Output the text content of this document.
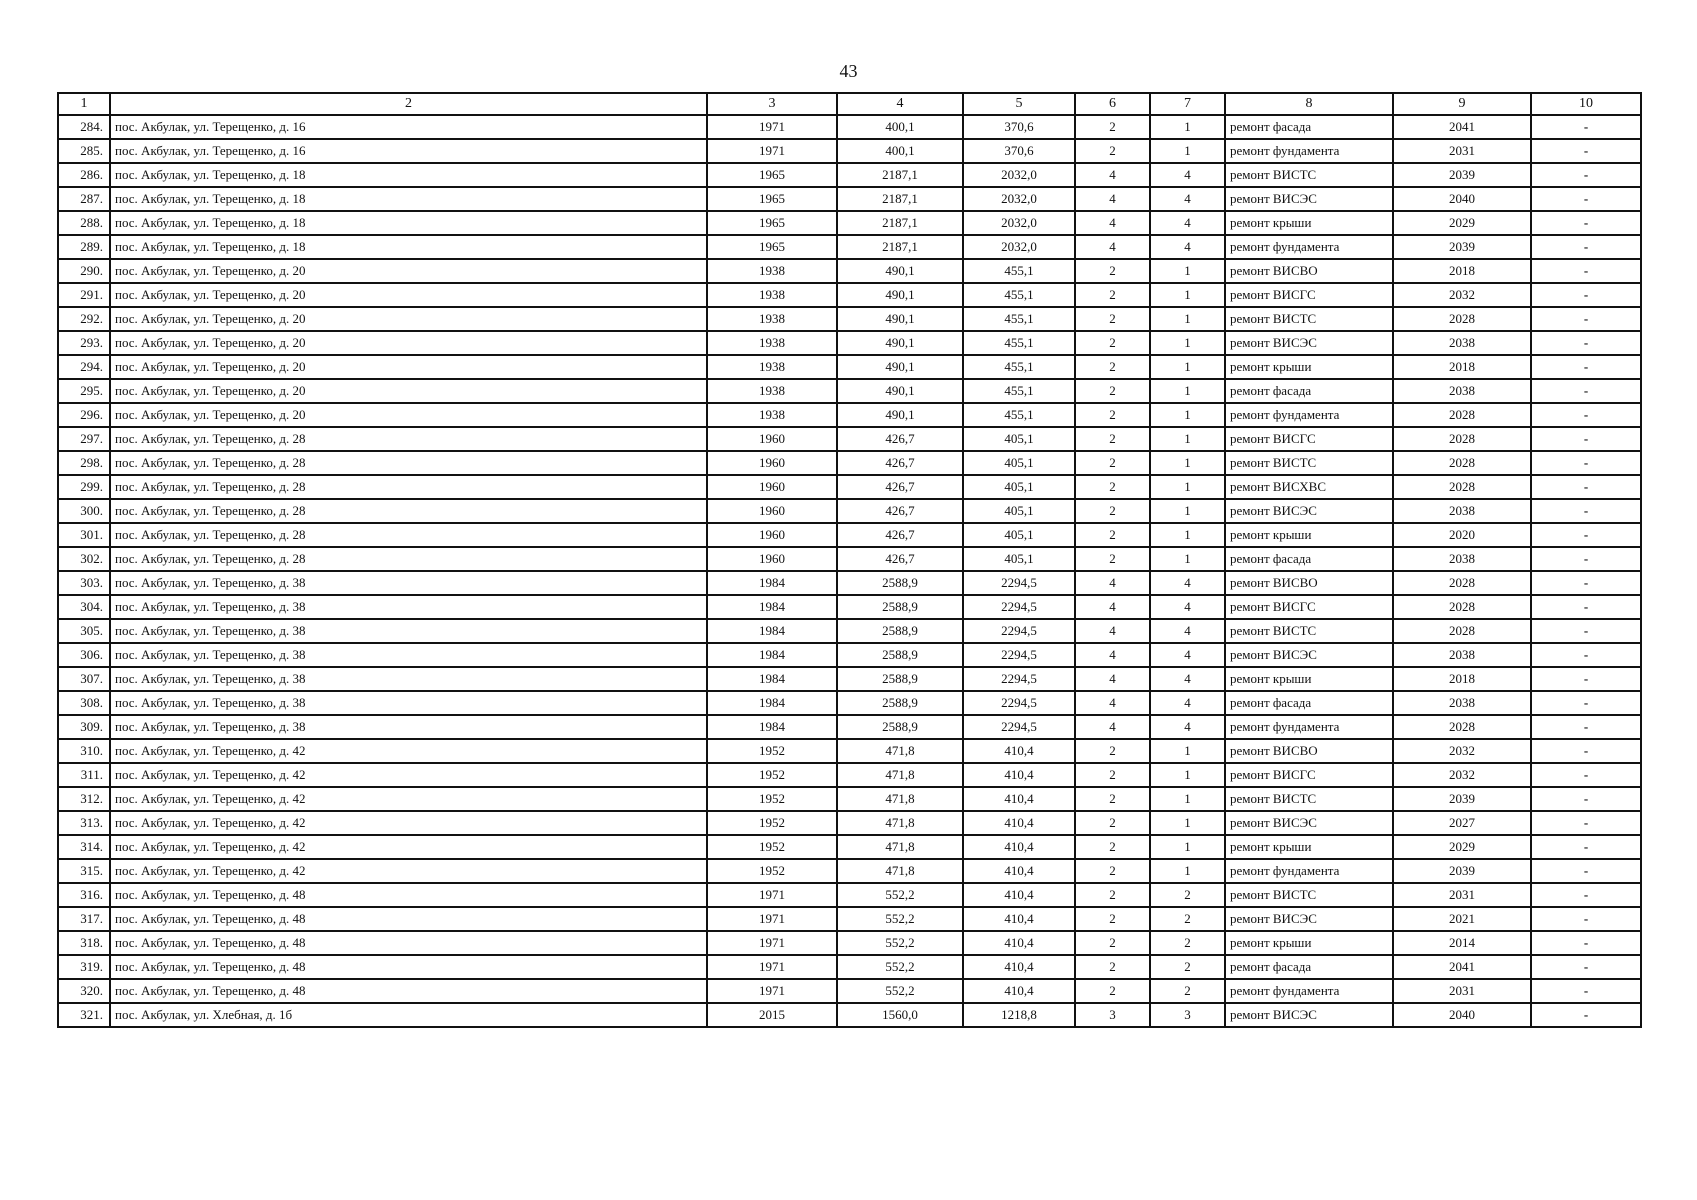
43
1	2	3	4	5	6	7	8	9	10
284.	пос. Акбулак, ул. Терещенко, д. 16	1971	400,1	370,6	2	1	ремонт фасада	2041	-
285.	пос. Акбулак, ул. Терещенко, д. 16	1971	400,1	370,6	2	1	ремонт фундамента	2031	-
286.	пос. Акбулак, ул. Терещенко, д. 18	1965	2187,1	2032,0	4	4	ремонт ВИСТС	2039	-
287.	пос. Акбулак, ул. Терещенко, д. 18	1965	2187,1	2032,0	4	4	ремонт ВИСЭС	2040	-
288.	пос. Акбулак, ул. Терещенко, д. 18	1965	2187,1	2032,0	4	4	ремонт крыши	2029	-
289.	пос. Акбулак, ул. Терещенко, д. 18	1965	2187,1	2032,0	4	4	ремонт фундамента	2039	-
290.	пос. Акбулак, ул. Терещенко, д. 20	1938	490,1	455,1	2	1	ремонт ВИСВО	2018	-
291.	пос. Акбулак, ул. Терещенко, д. 20	1938	490,1	455,1	2	1	ремонт ВИСГС	2032	-
292.	пос. Акбулак, ул. Терещенко, д. 20	1938	490,1	455,1	2	1	ремонт ВИСТС	2028	-
293.	пос. Акбулак, ул. Терещенко, д. 20	1938	490,1	455,1	2	1	ремонт ВИСЭС	2038	-
294.	пос. Акбулак, ул. Терещенко, д. 20	1938	490,1	455,1	2	1	ремонт крыши	2018	-
295.	пос. Акбулак, ул. Терещенко, д. 20	1938	490,1	455,1	2	1	ремонт фасада	2038	-
296.	пос. Акбулак, ул. Терещенко, д. 20	1938	490,1	455,1	2	1	ремонт фундамента	2028	-
297.	пос. Акбулак, ул. Терещенко, д. 28	1960	426,7	405,1	2	1	ремонт ВИСГС	2028	-
298.	пос. Акбулак, ул. Терещенко, д. 28	1960	426,7	405,1	2	1	ремонт ВИСТС	2028	-
299.	пос. Акбулак, ул. Терещенко, д. 28	1960	426,7	405,1	2	1	ремонт ВИСХВС	2028	-
300.	пос. Акбулак, ул. Терещенко, д. 28	1960	426,7	405,1	2	1	ремонт ВИСЭС	2038	-
301.	пос. Акбулак, ул. Терещенко, д. 28	1960	426,7	405,1	2	1	ремонт крыши	2020	-
302.	пос. Акбулак, ул. Терещенко, д. 28	1960	426,7	405,1	2	1	ремонт фасада	2038	-
303.	пос. Акбулак, ул. Терещенко, д. 38	1984	2588,9	2294,5	4	4	ремонт ВИСВО	2028	-
304.	пос. Акбулак, ул. Терещенко, д. 38	1984	2588,9	2294,5	4	4	ремонт ВИСГС	2028	-
305.	пос. Акбулак, ул. Терещенко, д. 38	1984	2588,9	2294,5	4	4	ремонт ВИСТС	2028	-
306.	пос. Акбулак, ул. Терещенко, д. 38	1984	2588,9	2294,5	4	4	ремонт ВИСЭС	2038	-
307.	пос. Акбулак, ул. Терещенко, д. 38	1984	2588,9	2294,5	4	4	ремонт крыши	2018	-
308.	пос. Акбулак, ул. Терещенко, д. 38	1984	2588,9	2294,5	4	4	ремонт фасада	2038	-
309.	пос. Акбулак, ул. Терещенко, д. 38	1984	2588,9	2294,5	4	4	ремонт фундамента	2028	-
310.	пос. Акбулак, ул. Терещенко, д. 42	1952	471,8	410,4	2	1	ремонт ВИСВО	2032	-
311.	пос. Акбулак, ул. Терещенко, д. 42	1952	471,8	410,4	2	1	ремонт ВИСГС	2032	-
312.	пос. Акбулак, ул. Терещенко, д. 42	1952	471,8	410,4	2	1	ремонт ВИСТС	2039	-
313.	пос. Акбулак, ул. Терещенко, д. 42	1952	471,8	410,4	2	1	ремонт ВИСЭС	2027	-
314.	пос. Акбулак, ул. Терещенко, д. 42	1952	471,8	410,4	2	1	ремонт крыши	2029	-
315.	пос. Акбулак, ул. Терещенко, д. 42	1952	471,8	410,4	2	1	ремонт фундамента	2039	-
316.	пос. Акбулак, ул. Терещенко, д. 48	1971	552,2	410,4	2	2	ремонт ВИСТС	2031	-
317.	пос. Акбулак, ул. Терещенко, д. 48	1971	552,2	410,4	2	2	ремонт ВИСЭС	2021	-
318.	пос. Акбулак, ул. Терещенко, д. 48	1971	552,2	410,4	2	2	ремонт крыши	2014	-
319.	пос. Акбулак, ул. Терещенко, д. 48	1971	552,2	410,4	2	2	ремонт фасада	2041	-
320.	пос. Акбулак, ул. Терещенко, д. 48	1971	552,2	410,4	2	2	ремонт фундамента	2031	-
321.	пос. Акбулак, ул. Хлебная, д. 1б	2015	1560,0	1218,8	3	3	ремонт ВИСЭС	2040	-
